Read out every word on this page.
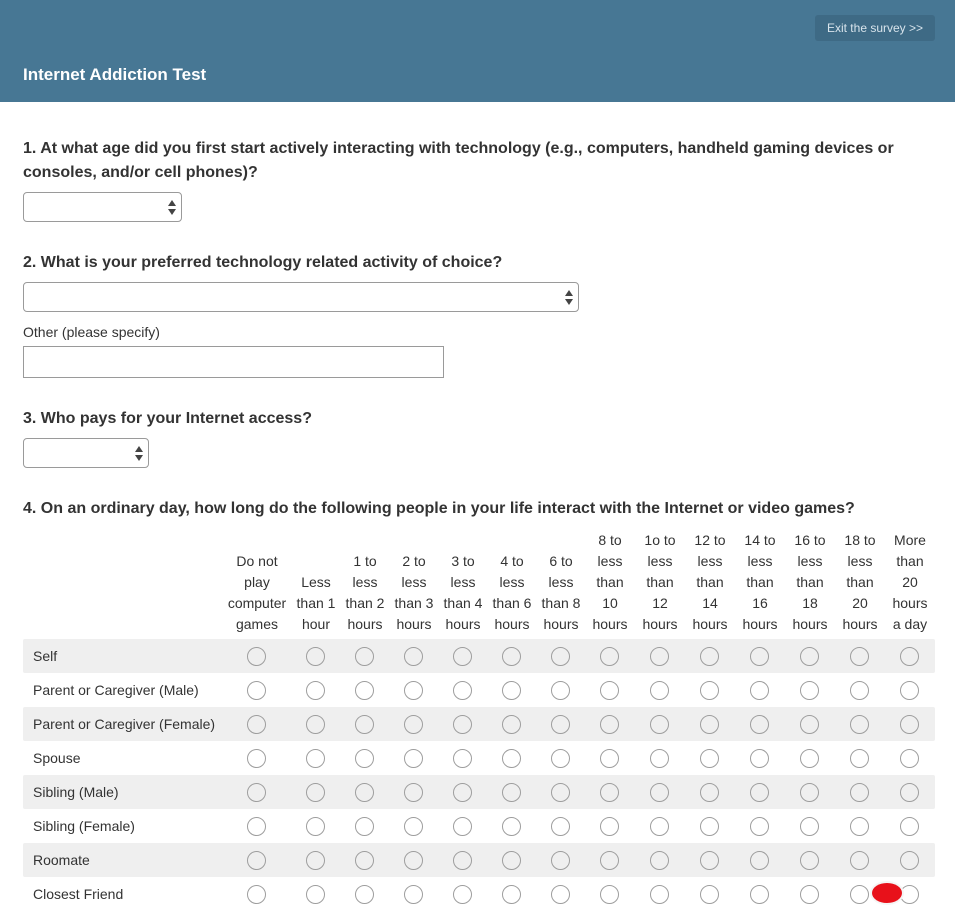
Exit the survey >>
Internet Addiction Test
1. At what age did you first start actively interacting with technology (e.g., computers, handheld gaming devices or
consoles, and/or cell phones)?
2. What is your preferred technology related activity of choice?
Other (please specify)
3. Who pays for your Internet access?
4. On an ordinary day, how long do the following people in your life interact with the Internet or video games?
Do not
play
computer
games
Less
than 1
hour
1 to
less
than 2
hours
2 to
less
than 3
hours
3 to
less
than 4
hours
4 to
less
than 6
hours
6 to
less
than 8
hours
8 to
less
than
10
hours
1o to
less
than
12
hours
12 to
less
than
14
hours
14 to
less
than
16
hours
16 to
less
than
18
hours
18 to
less
than
20
hours
More
than
20
hours
a day
Self
Parent or Caregiver (Male)
Parent or Caregiver (Female)
Spouse
Sibling (Male)
Sibling (Female)
Roomate
Closest Friend
